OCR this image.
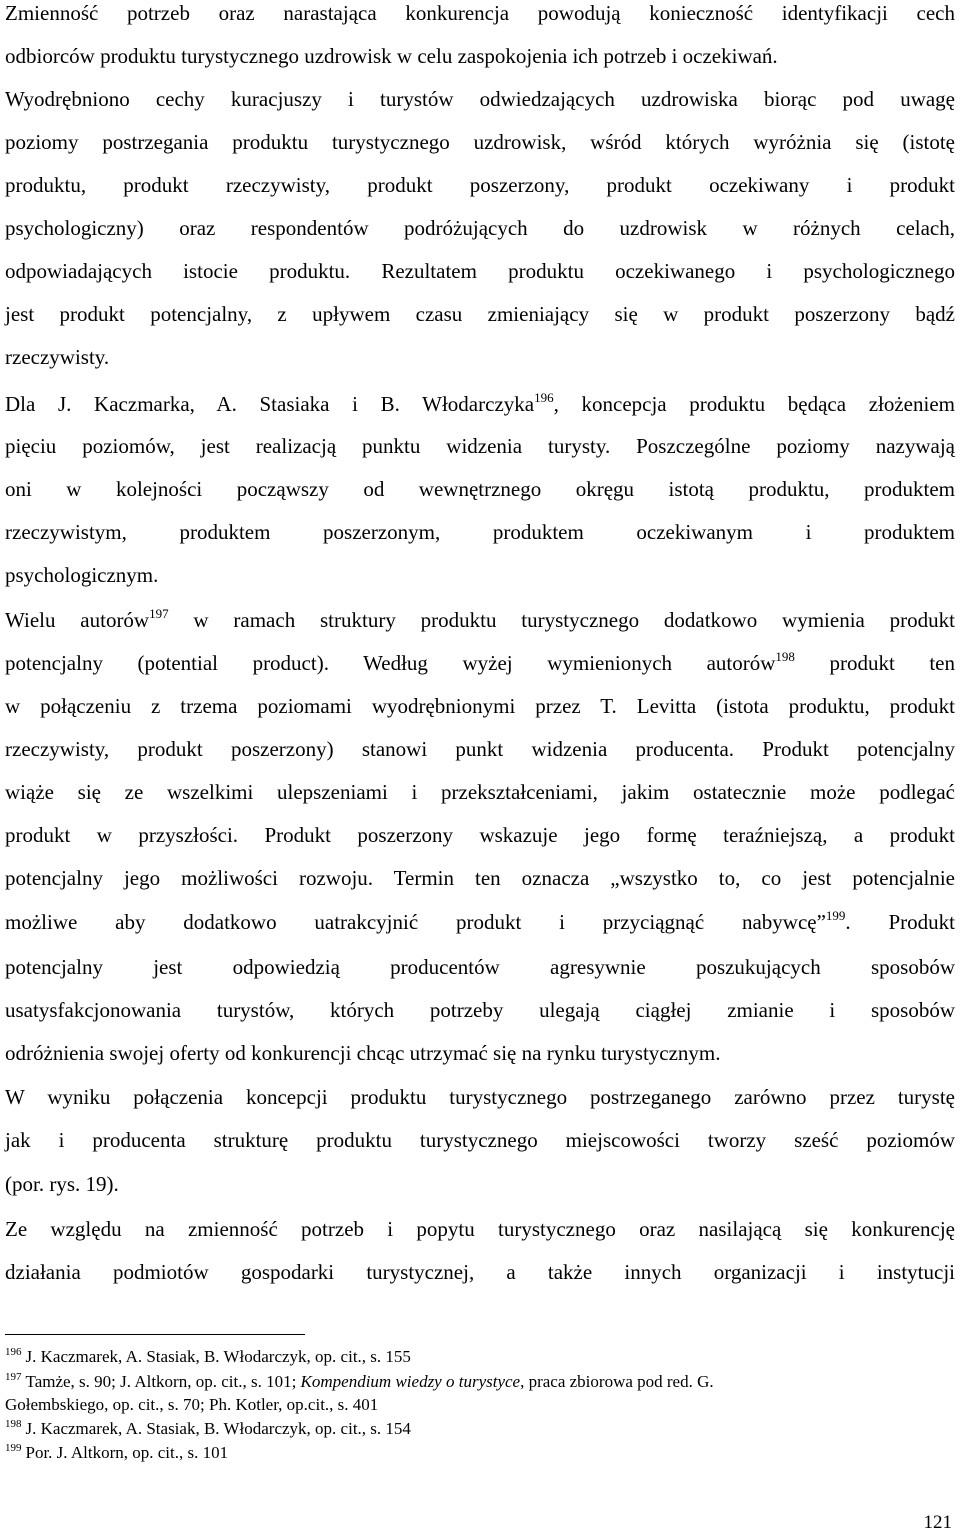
Zmienność potrzeb oraz narastająca konkurencja powodują konieczność identyfikacji cech
odbiorców produktu turystycznego uzdrowisk w celu zaspokojenia ich potrzeb i oczekiwań.
Wyodrębniono cechy kuracjuszy i turystów odwiedzających uzdrowiska biorąc pod uwagę
poziomy postrzegania produktu turystycznego uzdrowisk, wśród których wyróżnia się (istotę
produktu, produkt rzeczywisty, produkt poszerzony, produkt oczekiwany i produkt
psychologiczny) oraz respondentów podróżujących do uzdrowisk w różnych celach,
odpowiadających istocie produktu. Rezultatem produktu oczekiwanego i psychologicznego
jest produkt potencjalny, z upływem czasu zmieniający się w produkt poszerzony bądź
rzeczywisty.
Dla J. Kaczmarka, A. Stasiaka i B. Włodarczyka$^{196}$, koncepcja produktu będąca złożeniem
pięciu poziomów, jest realizacją punktu widzenia turysty. Poszczególne poziomy nazywają
oni w kolejności począwszy od wewnętrznego okręgu istotą produktu, produktem
rzeczywistym, produktem poszerzonym, produktem oczekiwanym i produktem
psychologicznym.
Wielu autorów$^{197}$ w ramach struktury produktu turystycznego dodatkowo wymienia produkt
potencjalny (potential product). Według wyżej wymienionych autorów$^{198}$ produkt ten
w połączeniu z trzema poziomami wyodrębnionymi przez T. Levitta (istota produktu, produkt
rzeczywisty, produkt poszerzony) stanowi punkt widzenia producenta. Produkt potencjalny
wiąże się ze wszelkimi ulepszeniami i przekształceniami, jakim ostatecznie może podlegać
produkt w przyszłości. Produkt poszerzony wskazuje jego formę teraźniejszą, a produkt
potencjalny jego możliwości rozwoju. Termin ten oznacza „wszystko to, co jest potencjalnie
możliwe aby dodatkowo uatrakcyjnić produkt i przyciągnąć nabywcę”$^{199}$. Produkt
potencjalny jest odpowiedzią producentów agresywnie poszukujących sposobów
usatysfakcjonowania turystów, których potrzeby ulegają ciągłej zmianie i sposobów
odróżnienia swojej oferty od konkurencji chcąc utrzymać się na rynku turystycznym.
W wyniku połączenia koncepcji produktu turystycznego postrzeganego zarówno przez turystę
jak i producenta strukturę produktu turystycznego miejscowości tworzy sześć poziomów
(por. rys. 19).
Ze względu na zmienność potrzeb i popytu turystycznego oraz nasilającą się konkurencję
działania podmiotów gospodarki turystycznej, a także innych organizacji i instytucji
$^{196}$ J. Kaczmarek, A. Stasiak, B. Włodarczyk, op. cit., s. 155
$^{197}$ Tamże, s. 90; J. Altkorn, op. cit., s. 101; Kompendium wiedzy o turystyce, praca zbiorowa pod red. G.
Gołembskiego, op. cit., s. 70; Ph. Kotler, op.cit., s. 401
$^{198}$ J. Kaczmarek, A. Stasiak, B. Włodarczyk, op. cit., s. 154
$^{199}$ Por. J. Altkorn, op. cit., s. 101
121
